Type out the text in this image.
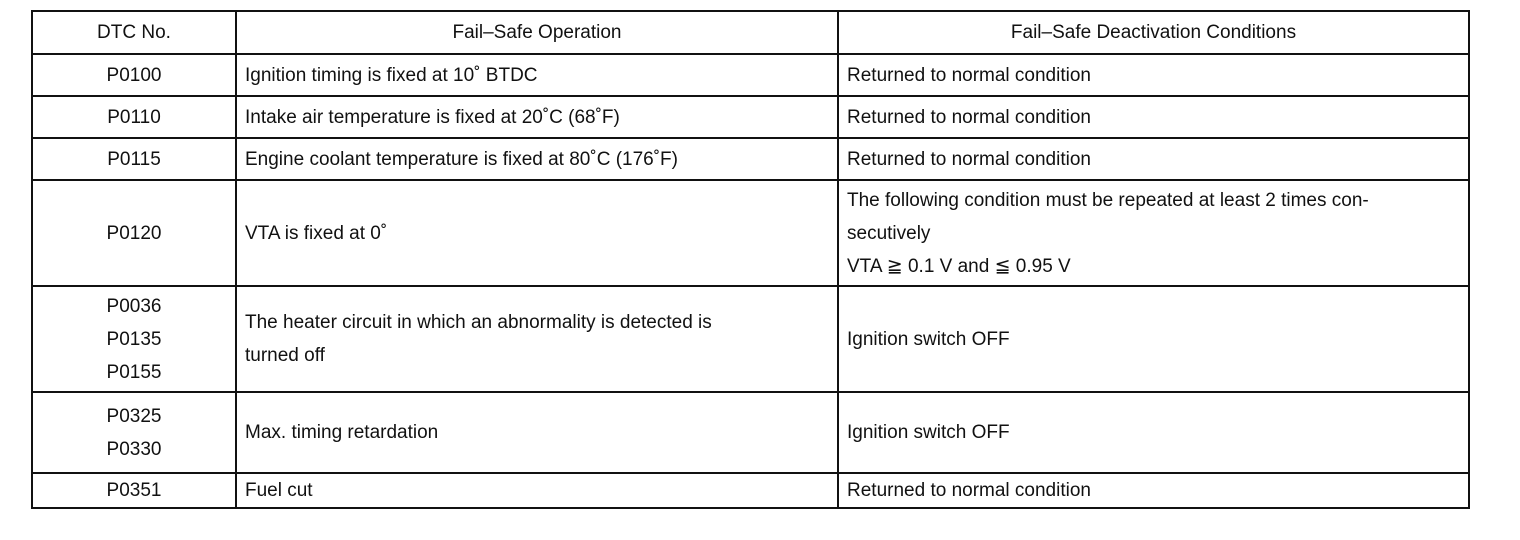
DTC No.	Fail–Safe Operation	Fail–Safe Deactivation Conditions

P0100	Ignition timing is fixed at 10˚ BTDC	Returned to normal condition

P0110	Intake air temperature is fixed at 20˚C (68˚F)	Returned to normal condition

P0115	Engine coolant temperature is fixed at 80˚C (176˚F)	Returned to normal condition

P0120	VTA is fixed at 0˚	The following condition must be repeated at least 2 times con-
secutively
VTA ≧ 0.1 V and ≦ 0.95 V

P0036
P0135
P0155	The heater circuit in which an abnormality is detected is
turned off	Ignition switch OFF

P0325
P0330	Max. timing retardation	Ignition switch OFF

P0351	Fuel cut	Returned to normal condition
